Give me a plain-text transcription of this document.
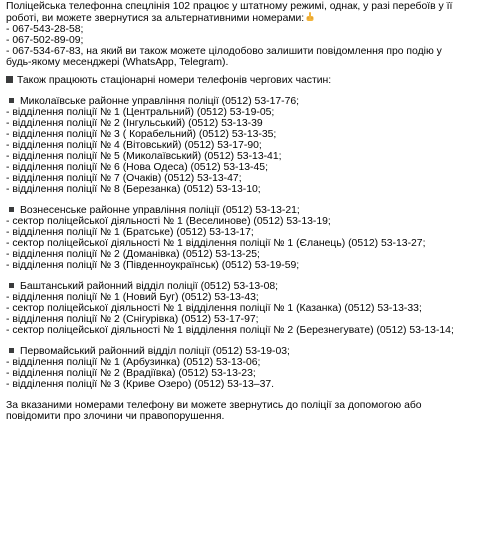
Поліцейська телефонна спецлінія 102 працює у штатному режимі, однак, у разі перебоїв у її
роботі, ви можете звернутися за альтернативними номерами:
- 067-543-28-58;
- 067-502-89-09;
- 067-534-67-83, на який ви також можете цілодобово залишити повідомлення про подію у
будь-якому месенджері (WhatsApp, Telegram).
Також працюють стаціонарні номери телефонів чергових частин:
Миколаївське районне управління поліції (0512) 53-17-76;
- відділення поліції № 1 (Центральний) (0512) 53-19-05;
- відділення поліції № 2 (Інгульський) (0512) 53-13-39
- відділення поліції № 3 ( Корабельний) (0512) 53-13-35;
- відділення поліції № 4 (Вітовський) (0512) 53-17-90;
- відділення поліції № 5 (Миколаївський) (0512) 53-13-41;
- відділення поліції № 6 (Нова Одеса) (0512) 53-13-45;
- відділення поліції № 7 (Очаків) (0512) 53-13-47;
- відділення поліції № 8 (Березанка) (0512) 53-13-10;
Вознесенське районне управління поліції (0512) 53-13-21;
- сектор поліцейської діяльності № 1 (Веселинове) (0512) 53-13-19;
- відділення поліції № 1 (Братське) (0512) 53-13-17;
- сектор поліцейської діяльності № 1 відділення поліції № 1 (Єланець) (0512) 53-13-27;
- відділення поліції № 2 (Доманівка) (0512) 53-13-25;
- відділення поліції № 3 (Південноукраїнськ) (0512) 53-19-59;
Баштанський районний відділ поліції (0512) 53-13-08;
- відділення поліції № 1 (Новий Буг) (0512) 53-13-43;
- сектор поліцейської діяльності № 1 відділення поліції № 1 (Казанка) (0512) 53-13-33;
- відділення поліції № 2 (Снігурівка) (0512) 53-17-97;
- сектор поліцейської діяльності № 1 відділення поліції № 2 (Березнегувате) (0512) 53-13-14;
Первомайський районний відділ поліції (0512) 53-19-03;
- відділення поліції № 1 (Арбузинка) (0512) 53-13-06;
- відділення поліції № 2 (Врадіївка) (0512) 53-13-23;
- відділення поліції № 3 (Криве Озеро) (0512) 53-13–37.
За вказаними номерами телефону ви можете звернутись до поліції за допомогою або
повідомити про злочини чи правопорушення.
